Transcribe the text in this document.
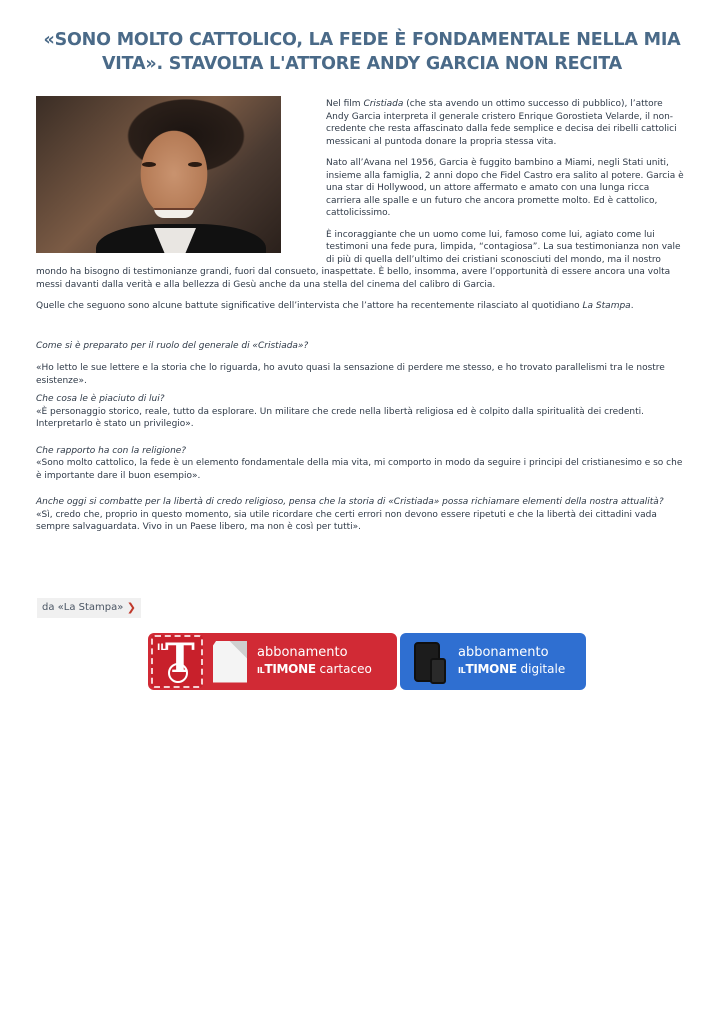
«SONO MOLTO CATTOLICO, LA FEDE È FONDAMENTALE NELLA MIA VITA». STAVOLTA L'ATTORE ANDY GARCIA NON RECITA

Nel film Cristiada (che sta avendo un ottimo successo di pubblico), l’attore Andy Garcia interpreta il generale cristero Enrique Gorostieta Velarde, il non-credente che resta affascinato dalla fede semplice e decisa dei ribelli cattolici messicani al puntoda donare la propria stessa vita.

Nato all’Avana nel 1956, Garcia è fuggito bambino a Miami, negli Stati uniti, insieme alla famiglia, 2 anni dopo che Fidel Castro era salito al potere. Garcia è una star di Hollywood, un attore affermato e amato con una lunga ricca carriera alle spalle e un futuro che ancora promette molto. Ed è cattolico, cattolicissimo.

È incoraggiante che un uomo come lui, famoso come lui, agiato come lui testimoni una fede pura, limpida, “contagiosa”. La sua testimonianza non vale di più di quella dell’ultimo dei cristiani sconosciuti del mondo, ma il nostro mondo ha bisogno di testimonianze grandi, fuori dal consueto, inaspettate. È bello, insomma, avere l’opportunità di essere ancora una volta messi davanti dalla verità e alla bellezza di Gesù anche da una stella del cinema del calibro di Garcia.

Quelle che seguono sono alcune battute significative dell’intervista che l’attore ha recentemente rilasciato al quotidiano La Stampa.

Come si è preparato per il ruolo del generale di «Cristiada»?

«Ho letto le sue lettere e la storia che lo riguarda, ho avuto quasi la sensazione di perdere me stesso, e ho trovato parallelismi tra le nostre esistenze».

Che cosa le è piaciuto di lui?

«È personaggio storico, reale, tutto da esplorare. Un militare che crede nella libertà religiosa ed è colpito dalla spiritualità dei credenti. Interpretarlo è stato un privilegio».

Che rapporto ha con la religione?

«Sono molto cattolico, la fede è un elemento fondamentale della mia vita, mi comporto in modo da seguire i principi del cristianesimo e so che è importante dare il buon esempio».

Anche oggi si combatte per la libertà di credo religioso, pensa che la storia di «Cristiada» possa richiamare elementi della nostra attualità?

«Sì, credo che, proprio in questo momento, sia utile ricordare che certi errori non devono essere ripetuti e che la libertà dei cittadini vada sempre salvaguardata. Vivo in un Paese libero, ma non è così per tutti».

da «La Stampa» ❯
IL
T	abbonamento
ILTIMONE cartaceo
abbonamento
ILTIMONE digitale
